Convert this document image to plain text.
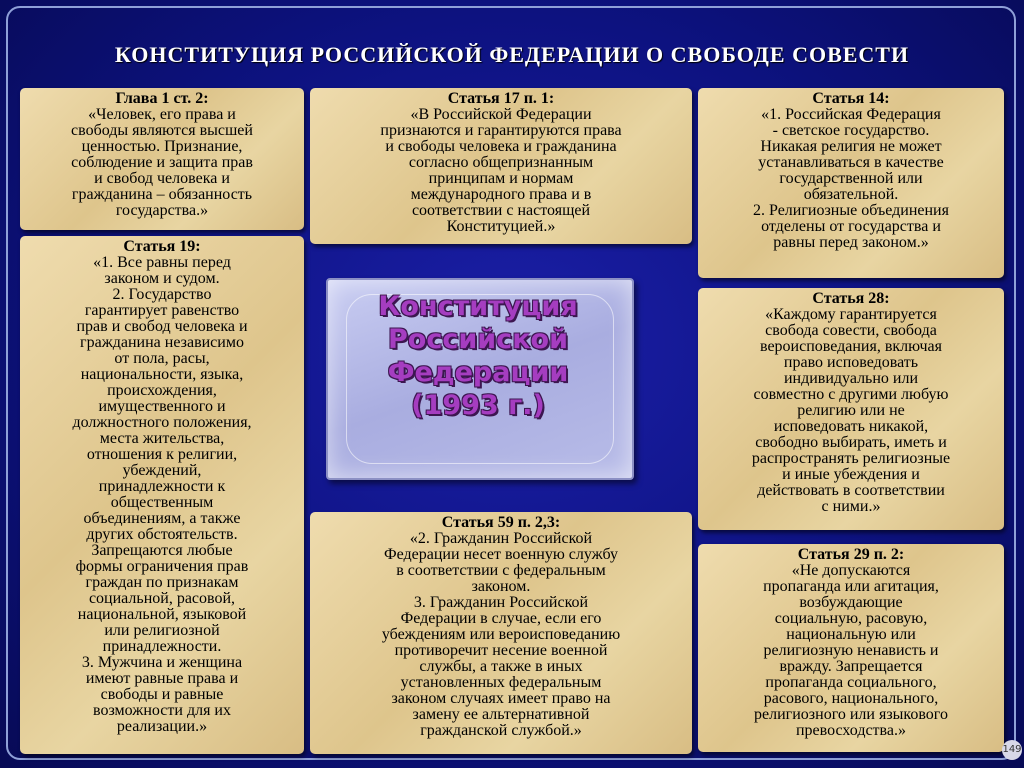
КОНСТИТУЦИЯ РОССИЙСКОЙ ФЕДЕРАЦИИ О СВОБОДЕ СОВЕСТИ
Глава 1 ст. 2:
«Человек, его права и
свободы являются высшей
ценностью. Признание,
соблюдение и защита прав
и свобод человека и
гражданина – обязанность
государства.»
Статья 17 п. 1:
«В Российской Федерации
признаются и гарантируются права
и свободы человека и гражданина
согласно общепризнанным
принципам и нормам
международного права и в
соответствии с настоящей
Конституцией.»
Статья 14:
«1. Российская Федерация
- светское государство.
Никакая религия не может
устанавливаться в качестве
государственной или
обязательной.
2. Религиозные объединения
отделены от государства и
равны перед законом.»
Статья 19:
«1. Все равны перед
законом и судом.
2. Государство
гарантирует равенство
прав и свобод человека и
гражданина независимо
от пола, расы,
национальности, языка,
происхождения,
имущественного и
должностного положения,
места жительства,
отношения к религии,
убеждений,
принадлежности к
общественным
объединениям, а также
других обстоятельств.
Запрещаются любые
формы ограничения прав
граждан по признакам
социальной, расовой,
национальной, языковой
или религиозной
принадлежности.
3. Мужчина и женщина
имеют равные права и
свободы и равные
возможности для их
реализации.»
Статья 28:
«Каждому гарантируется
свобода совести, свобода
вероисповедания, включая
право исповедовать
индивидуально или
совместно с другими любую
религию или не
исповедовать никакой,
свободно выбирать, иметь и
распространять религиозные
и иные убеждения и
действовать в соответствии
с ними.»
Статья 59 п. 2,3:
«2. Гражданин Российской
Федерации несет военную службу
в соответствии с федеральным
законом.
3. Гражданин Российской
Федерации в случае, если его
убеждениям или вероисповеданию
противоречит несение военной
службы, а также в иных
установленных федеральным
законом случаях имеет право на
замену ее альтернативной
гражданской службой.»
Статья 29 п. 2:
«Не допускаются
пропаганда или агитация,
возбуждающие
социальную, расовую,
национальную или
религиозную ненависть и
вражду. Запрещается
пропаганда социального,
расового, национального,
религиозного или языкового
превосходства.»
Конституция
Российской
Федерации
(1993 г.)
149
